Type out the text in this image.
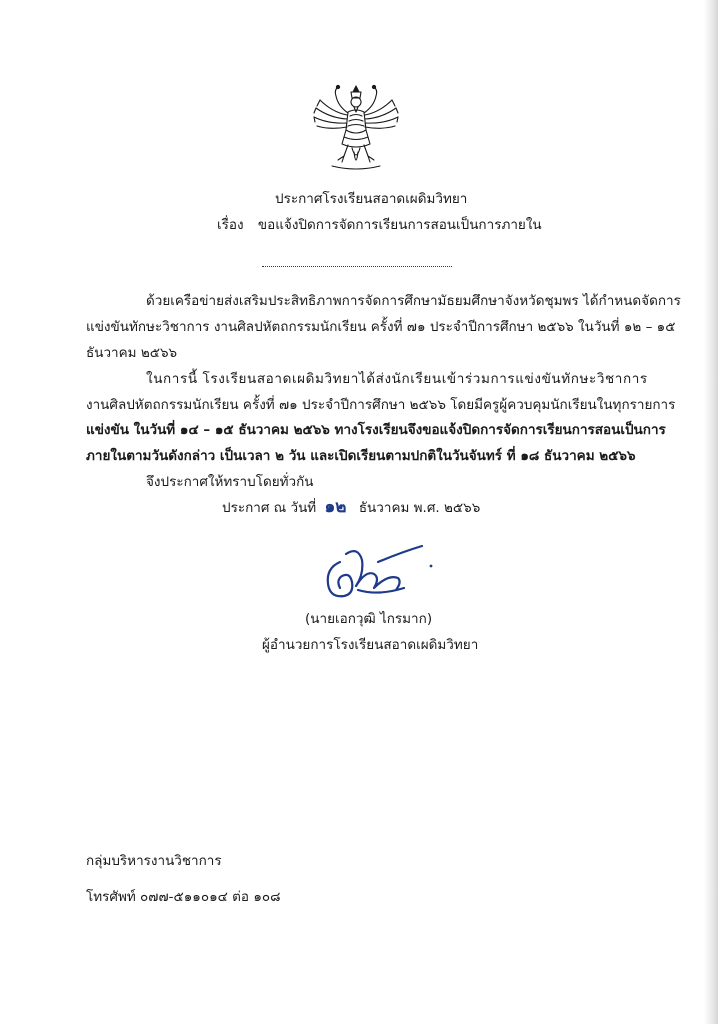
ประกาศโรงเรียนสอาดเผดิมวิทยา
เรื่อง ขอแจ้งปิดการจัดการเรียนการสอนเป็นการภายใน
ด้วยเครือข่ายส่งเสริมประสิทธิภาพการจัดการศึกษามัธยมศึกษาจังหวัดชุมพร ได้กำหนดจัดการ
แข่งขันทักษะวิชาการ งานศิลปหัตถกรรมนักเรียน ครั้งที่ ๗๑ ประจำปีการศึกษา ๒๕๖๖ ในวันที่ ๑๒ – ๑๕
ธันวาคม ๒๕๖๖
ในการนี้ โรงเรียนสอาดเผดิมวิทยาได้ส่งนักเรียนเข้าร่วมการแข่งขันทักษะวิชาการ
งานศิลปหัตถกรรมนักเรียน ครั้งที่ ๗๑ ประจำปีการศึกษา ๒๕๖๖ โดยมีครูผู้ควบคุมนักเรียนในทุกรายการ
แข่งขัน ในวันที่ ๑๔ – ๑๕ ธันวาคม ๒๕๖๖ ทางโรงเรียนจึงขอแจ้งปิดการจัดการเรียนการสอนเป็นการ
ภายในตามวันดังกล่าว เป็นเวลา ๒ วัน และเปิดเรียนตามปกติในวันจันทร์ ที่ ๑๘ ธันวาคม ๒๕๖๖
จึงประกาศให้ทราบโดยทั่วกัน
ประกาศ ณ วันที่ ๑๒ ธันวาคม พ.ศ. ๒๕๖๖
(นายเอกวุฒิ ไกรมาก)
ผู้อำนวยการโรงเรียนสอาดเผดิมวิทยา
กลุ่มบริหารงานวิชาการ
โทรศัพท์ ๐๗๗-๕๑๑๐๑๔ ต่อ ๑๐๘
